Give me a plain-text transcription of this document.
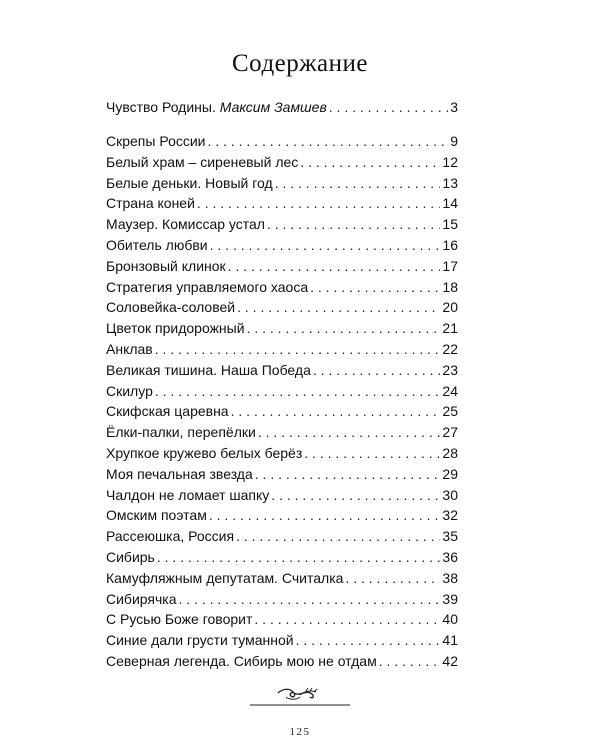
Содержание
Чувство Родины. Максим Замшев . . .	3
Скрепы России . . .	9
Белый храм – сиреневый лес . . .	12
Белые деньки. Новый год . . .	13
Страна коней . . .	14
Маузер. Комиссар устал . . .	15
Обитель любви . . .	16
Бронзовый клинок . . .	17
Стратегия управляемого хаоса . . .	18
Соловейка-соловей . . .	20
Цветок придорожный . . .	21
Анклав . . .	22
Великая тишина. Наша Победа . . .	23
Скилур . . .	24
Скифская царевна . . .	25
Ёлки-палки, перепёлки . . .	27
Хрупкое кружево белых берёз . . .	28
Моя печальная звезда . . .	29
Чалдон не ломает шапку . . .	30
Омским поэтам . . .	32
Рассеюшка, Россия . . .	35
Сибирь . . .	36
Камуфляжным депутатам. Считалка . . .	38
Сибирячка . . .	39
С Русью Боже говорит . . .	40
Синие дали грусти туманной . . .	41
Северная легенда. Сибирь мою не отдам . . .	42
125
